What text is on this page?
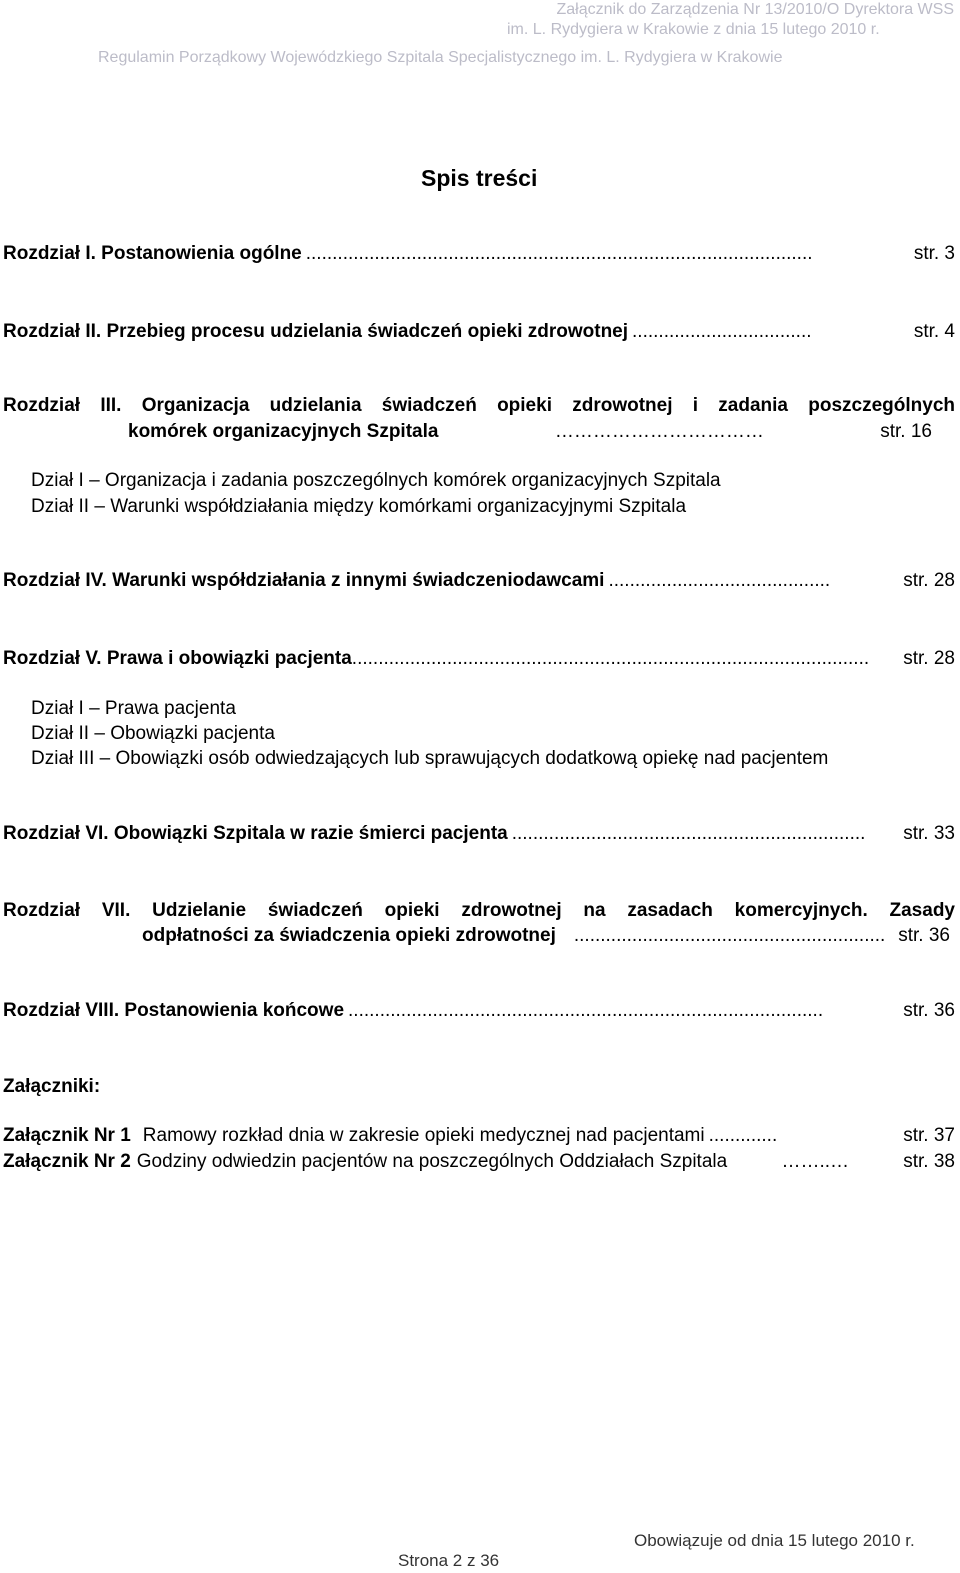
Załącznik do Zarządzenia Nr 13/2010/O Dyrektora WSS
im. L. Rydygiera w Krakowie z dnia 15 lutego 2010 r.
Regulamin Porządkowy Wojewódzkiego Szpitala Specjalistycznego im. L. Rydygiera w Krakowie
Spis treści
Rozdział I. Postanowienia ogólne ................................................................................................	str. 3
Rozdział II. Przebieg procesu udzielania świadczeń opieki zdrowotnej ..................................	str. 4
Rozdział III. Organizacja udzielania świadczeń opieki zdrowotnej i zadania poszczególnych
komórek organizacyjnych Szpitala	……………………………	str. 16
Dział I – Organizacja i zadania poszczególnych komórek organizacyjnych Szpitala
Dział II – Warunki współdziałania między komórkami organizacyjnymi Szpitala
Rozdział IV. Warunki współdziałania z innymi świadczeniodawcami ..........................................	str. 28
Rozdział V. Prawa i obowiązki pacjenta ..................................................................................................	str. 28
Dział I – Prawa pacjenta
Dział II – Obowiązki pacjenta
Dział III – Obowiązki osób odwiedzających lub sprawujących dodatkową opiekę nad pacjentem
Rozdział VI. Obowiązki Szpitala w razie śmierci pacjenta ...................................................................	str. 33
Rozdział VII. Udzielanie świadczeń opieki zdrowotnej na zasadach komercyjnych. Zasady
odpłatności za świadczenia opieki zdrowotnej ........................................................... str. 36
Rozdział VIII. Postanowienia końcowe ..........................................................................................	str. 36
Załączniki:
Załącznik Nr 1 Ramowy rozkład dnia w zakresie opieki medycznej nad pacjentami .............	str. 37
Załącznik Nr 2 Godziny odwiedzin pacjentów na poszczególnych Oddziałach Szpitala	……..…	str. 38
Obowiązuje od dnia 15 lutego 2010 r.
Strona 2 z 36
